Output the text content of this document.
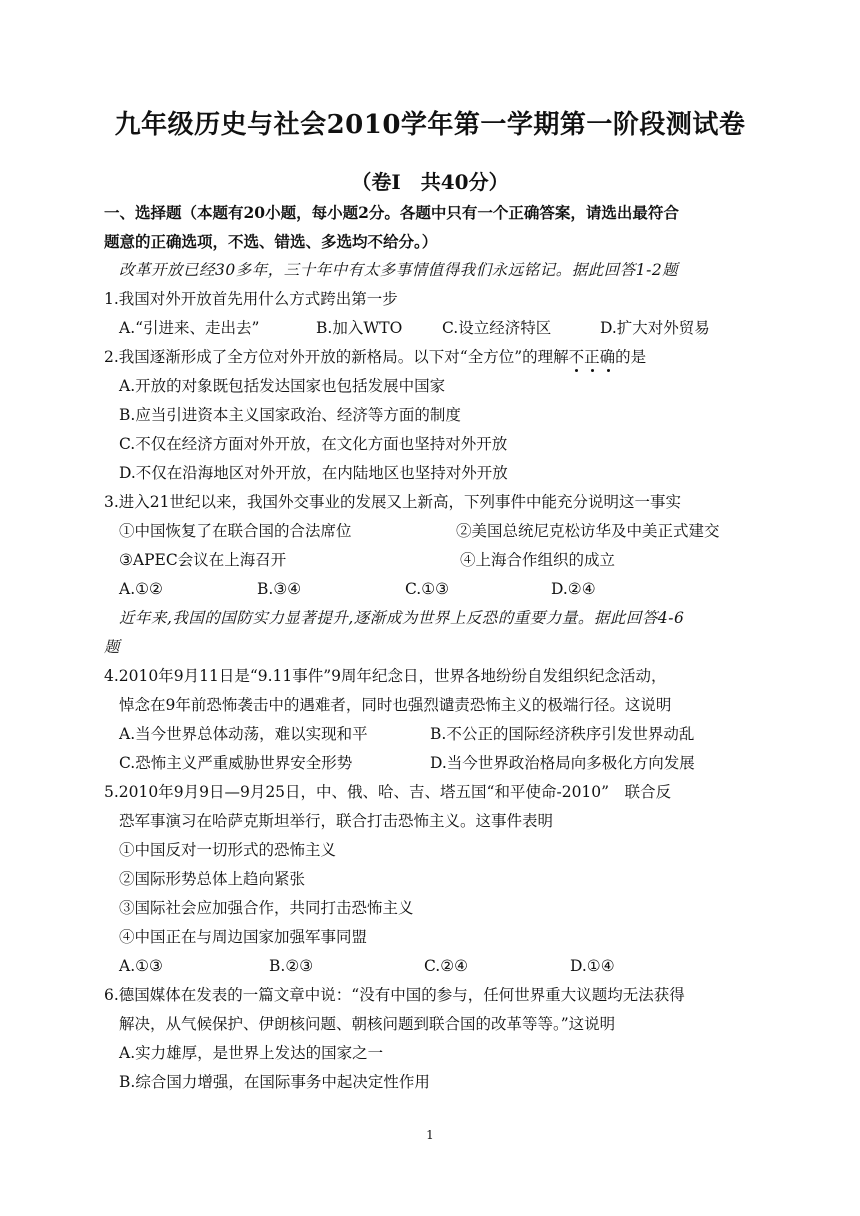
九年级历史与社会2010学年第一学期第一阶段测试卷
（卷Ⅰ　共40分）
一、选择题（本题有20小题，每小题2分。各题中只有一个正确答案，请选出最符合
题意的正确选项，不选、错选、多选均不给分。）
改革开放已经30多年，三十年中有太多事情值得我们永远铭记。据此回答1-2题
1.我国对外开放首先用什么方式跨出第一步
A.“引进来、走出去”	B.加入WTO	C.设立经济特区	D.扩大对外贸易
2.我国逐渐形成了全方位对外开放的新格局。以下对“全方位”的理解不正确
的是
A.开放的对象既包括发达国家也包括发展中国家
B.应当引进资本主义国家政治、经济等方面的制度
C.不仅在经济方面对外开放，在文化方面也坚持对外开放
D.不仅在沿海地区对外开放，在内陆地区也坚持对外开放
3.进入21世纪以来，我国外交事业的发展又上新高，下列事件中能充分说明这一事实
①中国恢复了在联合国的合法席位	②美国总统尼克松访华及中美正式建交
③APEC会议在上海召开	④上海合作组织的成立
A.①②	B.③④	C.①③	D.②④
近年来,我国的国防实力显著提升,逐渐成为世界上反恐的重要力量。据此回答4-6
题
4.2010年9月11日是“9.11事件”9周年纪念日，世界各地纷纷自发组织纪念活动，
悼念在9年前恐怖袭击中的遇难者，同时也强烈谴责恐怖主义的极端行径。这说明
A.当今世界总体动荡，难以实现和平	B.不公正的国际经济秩序引发世界动乱
C.恐怖主义严重威胁世界安全形势	D.当今世界政治格局向多极化方向发展
5.2010年9月9日—9月25日，中、俄、哈、吉、塔五国“和平使命-2010”　联合反
恐军事演习在哈萨克斯坦举行，联合打击恐怖主义。这事件表明
①中国反对一切形式的恐怖主义
②国际形势总体上趋向紧张
③国际社会应加强合作，共同打击恐怖主义
④中国正在与周边国家加强军事同盟
A.①③	B.②③	C.②④	D.①④
6.德国媒体在发表的一篇文章中说：“没有中国的参与，任何世界重大议题均无法获得
解决，从气候保护、伊朗核问题、朝核问题到联合国的改革等等。”这说明
A.实力雄厚，是世界上发达的国家之一
B.综合国力增强，在国际事务中起决定性作用
1
